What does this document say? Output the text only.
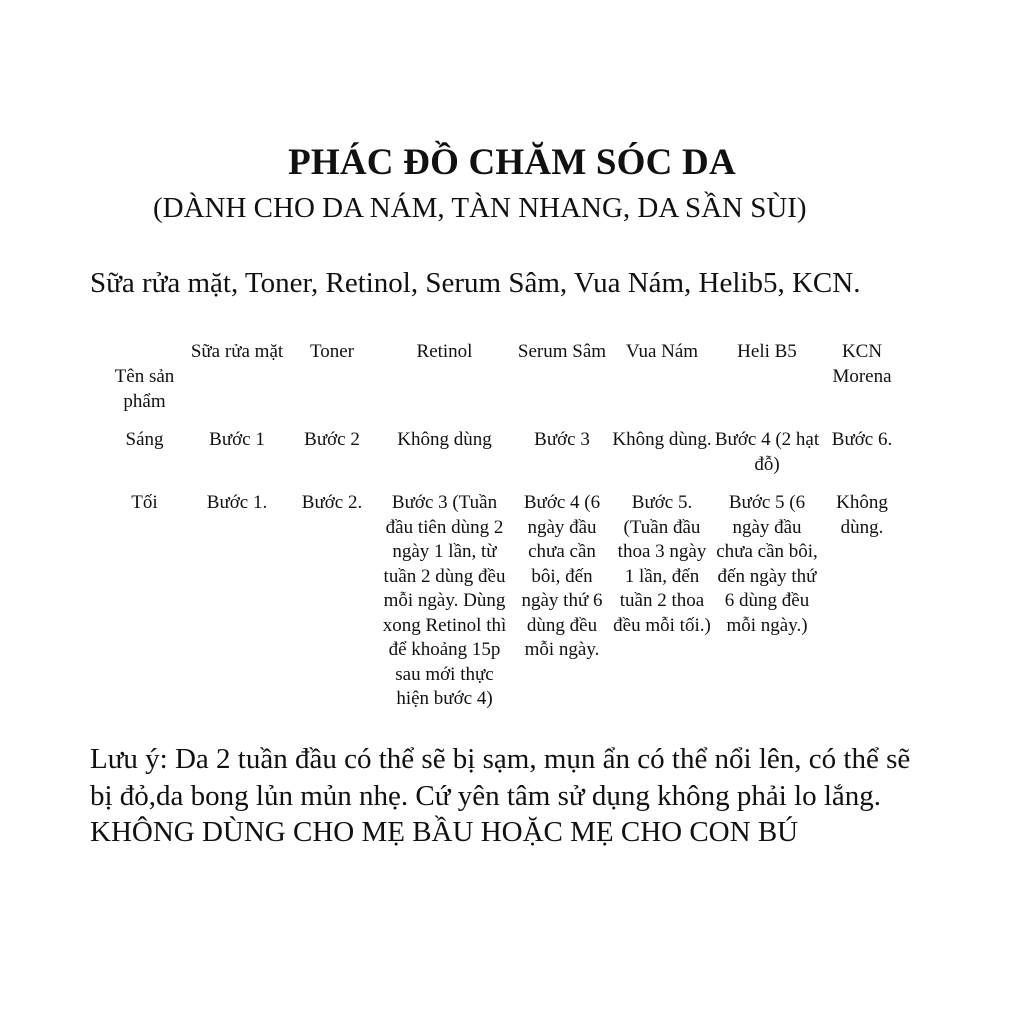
PHÁC ĐỒ CHĂM SÓC DA
(DÀNH CHO DA NÁM, TÀN NHANG, DA SẦN SÙI)
Sữa rửa mặt, Toner, Retinol, Serum Sâm, Vua Nám, Helib5, KCN.
Tên sản phẩm	Sữa rửa mặt	Toner	Retinol	Serum Sâm	Vua Nám	Heli B5	KCN Morena
Sáng	Bước 1	Bước 2	Không dùng	Bước 3	Không dùng.	Bước 4 (2 hạt đỗ)	Bước 6.
Tối	Bước 1.	Bước 2.	Bước 3 (Tuần đầu tiên dùng 2 ngày 1 lần, từ tuần 2 dùng đều mỗi ngày. Dùng xong Retinol thì để khoảng 15p sau mới thực hiện bước 4)	Bước 4 (6 ngày đầu chưa cần bôi, đến ngày thứ 6 dùng đều mỗi ngày.	Bước 5. (Tuần đầu thoa 3 ngày 1 lần, đến tuần 2 thoa đều mỗi tối.)	Bước 5 (6 ngày đầu chưa cần bôi, đến ngày thứ 6 dùng đều mỗi ngày.)	Không dùng.
Lưu ý: Da 2 tuần đầu có thể sẽ bị sạm, mụn ẩn có thể nổi lên, có thể sẽ bị đỏ,da bong lủn mủn nhẹ. Cứ yên tâm sử dụng không phải lo lắng. KHÔNG DÙNG CHO MẸ BẦU HOẶC MẸ CHO CON BÚ
